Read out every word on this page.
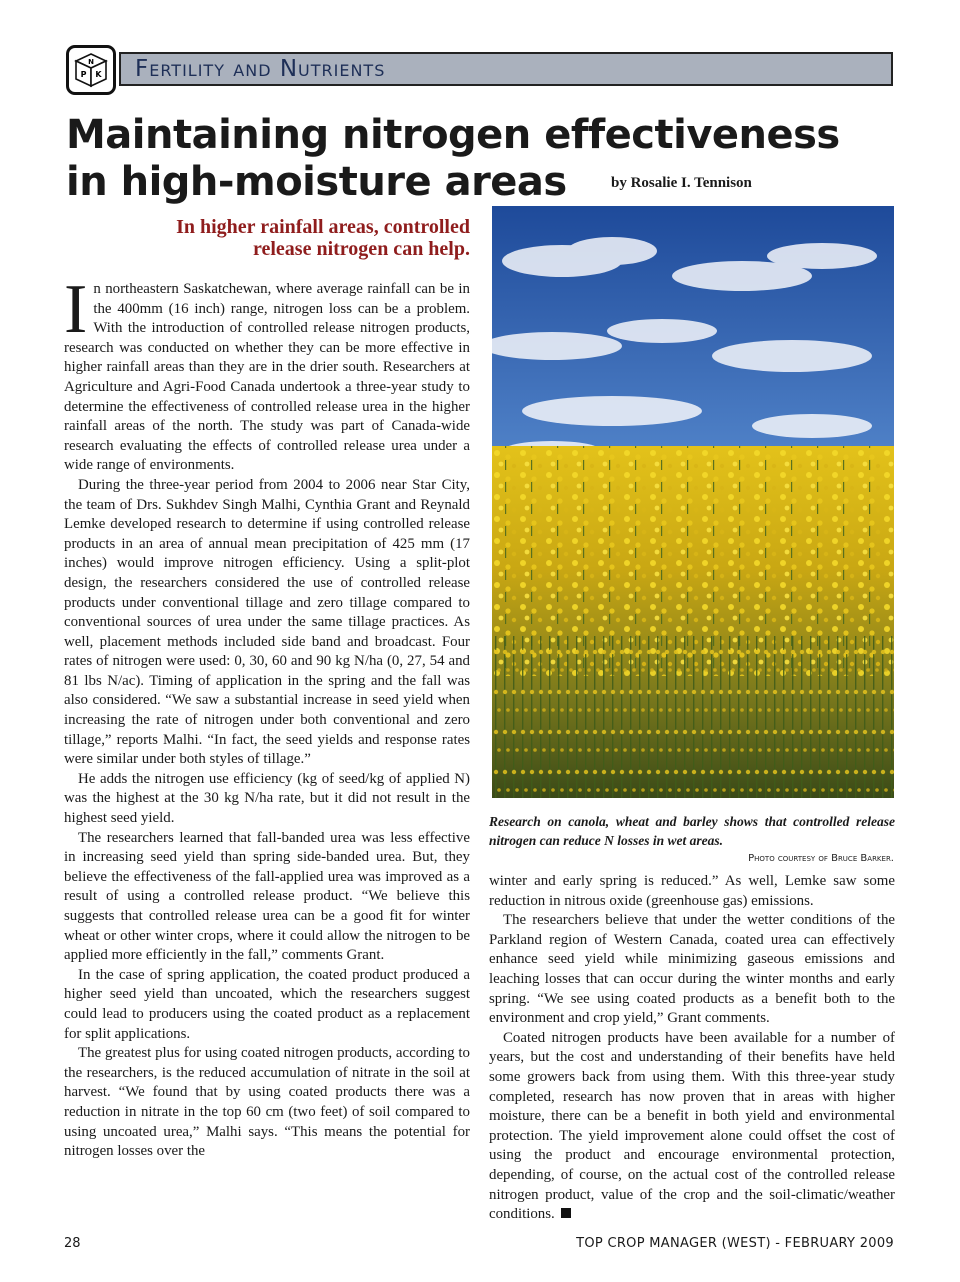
N
P K	Fertility and Nutrients
Maintaining nitrogen effectiveness
in high-moisture areas	by Rosalie I. Tennison

In higher rainfall areas, controlled
release nitrogen can help.

In northeastern Saskatchewan, where average rainfall can be in the 400mm (16 inch) range, nitrogen loss can be a problem. With the introduction of controlled release nitrogen products, research was conducted on whether they can be more effective in higher rainfall areas than they are in the drier south. Researchers at Agriculture and Agri-Food Canada undertook a three-year study to determine the effectiveness of controlled release urea in the higher rainfall areas of the north. The study was part of Canada-wide research evaluating the effects of controlled release urea under a wide range of environments.

During the three-year period from 2004 to 2006 near Star City, the team of Drs. Sukhdev Singh Malhi, Cynthia Grant and Reynald Lemke developed research to determine if using controlled release products in an area of annual mean precipitation of 425 mm (17 inches) would improve nitrogen efficiency. Using a split-plot design, the researchers considered the use of controlled release products under conventional tillage and zero tillage compared to conventional sources of urea under the same tillage practices. As well, placement methods included side band and broadcast. Four rates of nitrogen were used: 0, 30, 60 and 90 kg N/ha (0, 27, 54 and 81 lbs N/ac). Timing of application in the spring and the fall was also considered. “We saw a substantial increase in seed yield when increasing the rate of nitrogen under both conventional and zero tillage,” reports Malhi. “In fact, the seed yields and response rates were similar under both styles of tillage.”

He adds the nitrogen use efficiency (kg of seed/kg of applied N) was the highest at the 30 kg N/ha rate, but it did not result in the highest seed yield.

The researchers learned that fall-banded urea was less effective in increasing seed yield than spring side-banded urea. But, they believe the effectiveness of the fall-applied urea was improved as a result of using a controlled release product. “We believe this suggests that controlled release urea can be a good fit for winter wheat or other winter crops, where it could allow the nitrogen to be applied more efficiently in the fall,” comments Grant.

In the case of spring application, the coated product produced a higher seed yield than uncoated, which the researchers suggest could lead to producers using the coated product as a replacement for split applications.

The greatest plus for using coated nitrogen products, according to the researchers, is the reduced accumulation of nitrate in the soil at harvest. “We found that by using coated products there was a reduction in nitrate in the top 60 cm (two feet) of soil compared to using uncoated urea,” Malhi says. “This means the potential for nitrogen losses over the

Research on canola, wheat and barley shows that controlled release nitrogen can reduce N losses in wet areas.

Photo courtesy of Bruce Barker.

winter and early spring is reduced.” As well, Lemke saw some reduction in nitrous oxide (greenhouse gas) emissions.

The researchers believe that under the wetter conditions of the Parkland region of Western Canada, coated urea can effectively enhance seed yield while minimizing gaseous emissions and leaching losses that can occur during the winter months and early spring. “We see using coated products as a benefit both to the environment and crop yield,” Grant comments.

Coated nitrogen products have been available for a number of years, but the cost and understanding of their benefits have held some growers back from using them. With this three-year study completed, research has now proven that in areas with higher moisture, there can be a benefit in both yield and environmental protection. The yield improvement alone could offset the cost of using the product and encourage environmental protection, depending, of course, on the actual cost of the controlled release nitrogen product, value of the crop and the soil-climatic/weather conditions.

28	TOP CROP MANAGER (WEST) - FEBRUARY 2009
